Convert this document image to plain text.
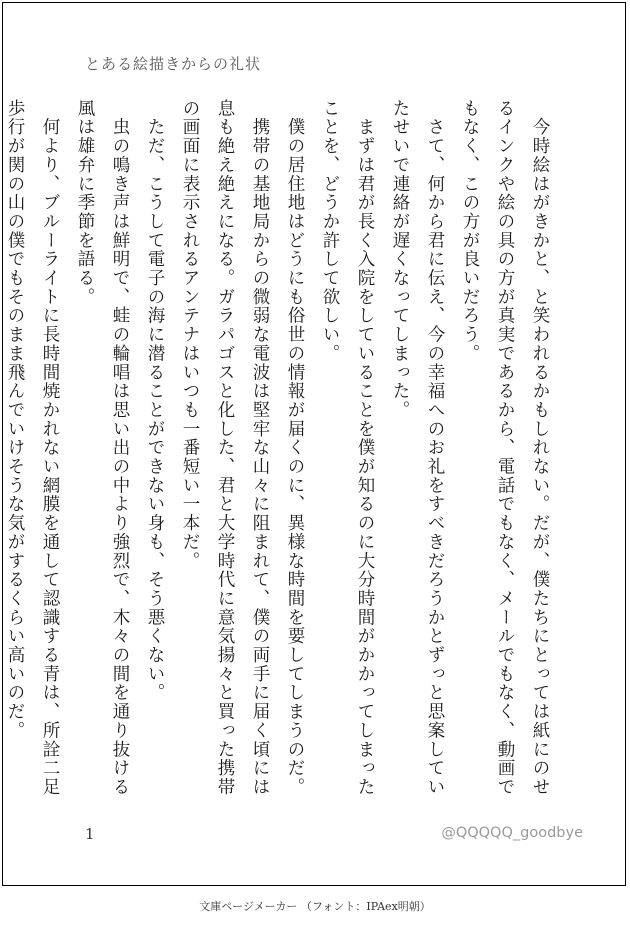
とある絵描きからの礼状

　今時絵はがきかと、と笑われるかもしれない。だが、僕たちにとっては紙にのせるインクや絵の具の方が真実であるから、電話でもなく、メールでもなく、動画でもなく、この方が良いだろう。

　さて、何から君に伝え、今の幸福へのお礼をすべきだろうかとずっと思案していたせいで連絡が遅くなってしまった。

　まずは君が長く入院をしていることを僕が知るのに大分時間がかかってしまったことを、どうか許して欲しい。

　僕の居住地はどうにも俗世の情報が届くのに、異様な時間を要してしまうのだ。

　携帯の基地局からの微弱な電波は堅牢な山々に阻まれて、僕の両手に届く頃には息も絶え絶えになる。ガラパゴスと化した、君と大学時代に意気揚々と買った携帯の画面に表示されるアンテナはいつも一番短い一本だ。

　ただ、こうして電子の海に潜ることができない身も、そう悪くない。

　虫の鳴き声は鮮明で、蛙の輪唱は思い出の中より強烈で、木々の間を通り抜ける風は雄弁に季節を語る。

　何より、ブルーライトに長時間焼かれない網膜を通して認識する青は、所詮二足歩行が関の山の僕でもそのまま飛んでいけそうな気がするくらい高いのだ。

1	@QQQQQ_goodbye
文庫ページメーカー （フォント：IPAex明朝）
